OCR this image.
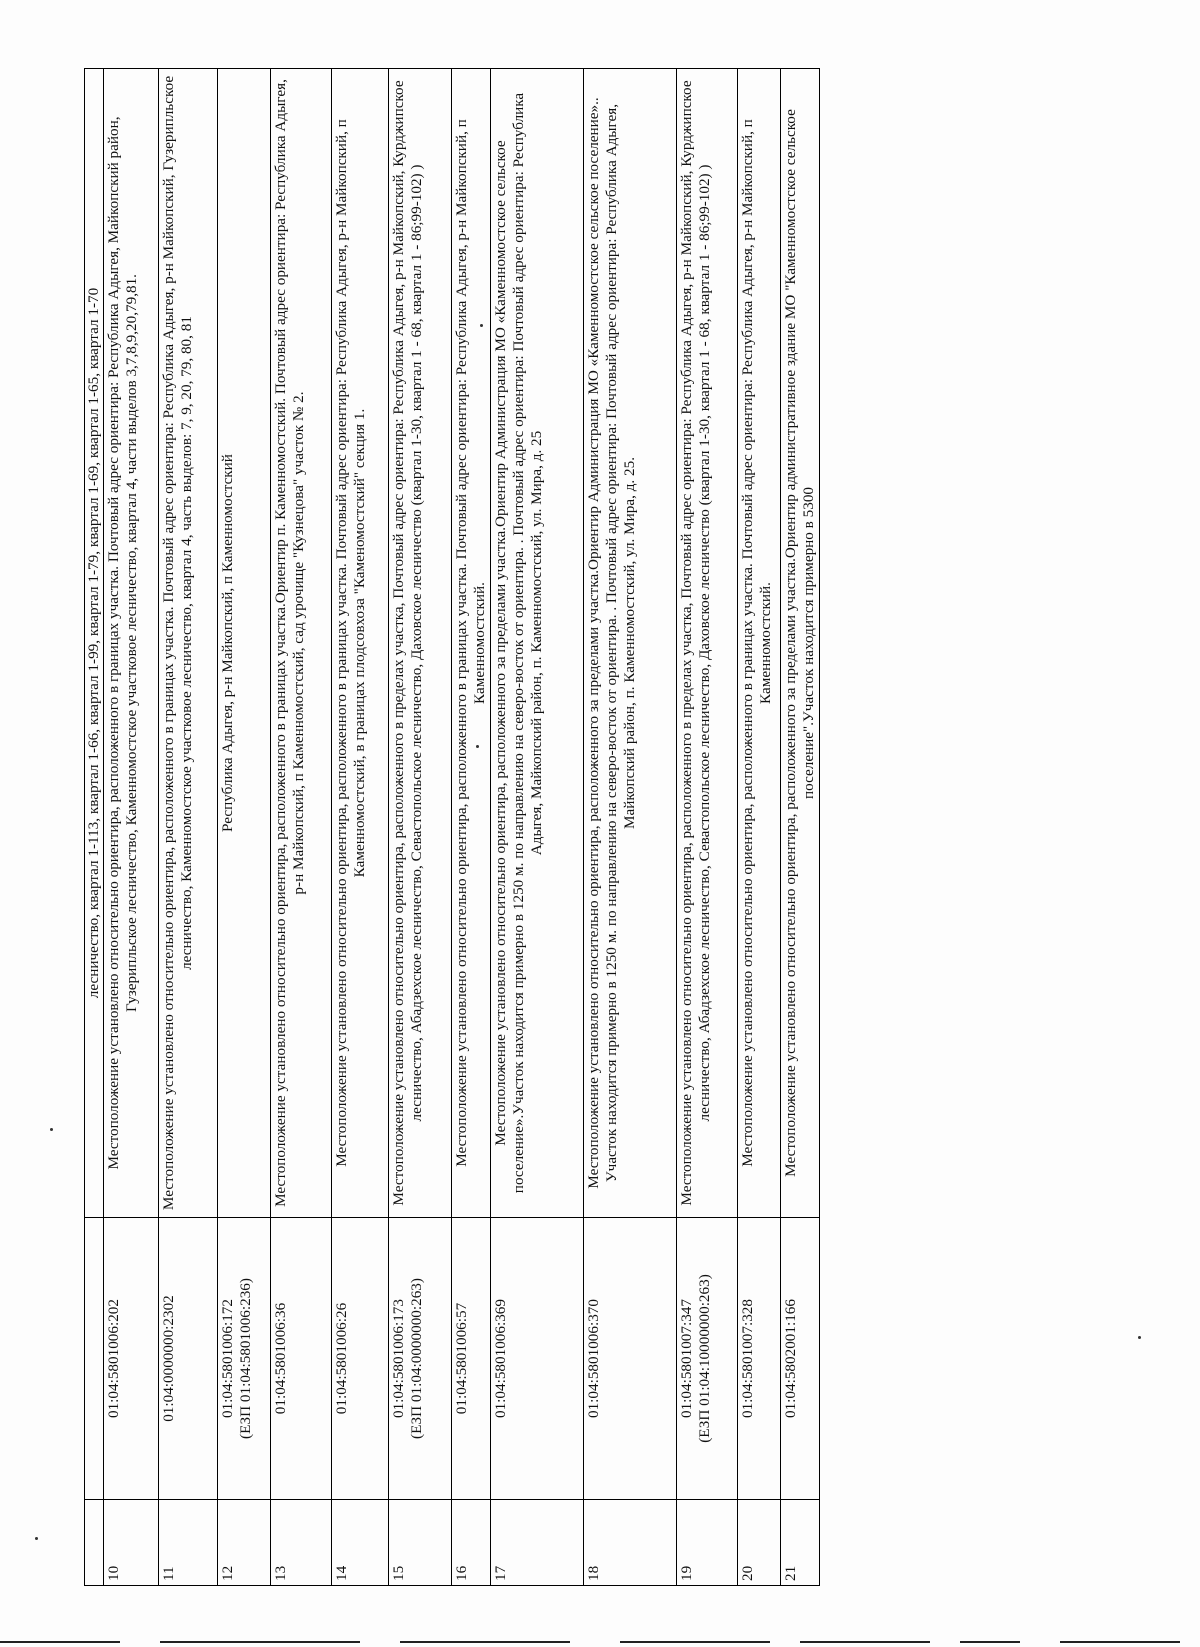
		лесничество, квартал 1-113, квартал 1-66, квартал 1-99, квартал 1-79, квартал 1-69, квартал 1-65, квартал 1-70

10	01:04:5801006:202	Местоположение установлено относительно ориентира, расположенного в границах участка. Почтовый адрес ориентира: Республика Адыгея, Майкопский район, Гузерипльское лесничество, Каменномостское участковое лесничество, квартал 4, части выделов 3,7,8,9,20,79,81.

11	01:04:0000000:2302	Местоположение установлено относительно ориентира, расположенного в границах участка. Почтовый адрес ориентира: Республика Адыгея, р-н Майкопский, Гузерипльское лесничество, Каменномостское участковое лесничество, квартал 4, часть выделов: 7, 9, 20, 79, 80, 81

12	01:04:5801006:172 (ЕЗП 01:04:5801006:236)	Республика Адыгея, р-н Майкопский, п Каменномостский

13	01:04:5801006:36	Местоположение установлено относительно ориентира, расположенного в границах участка.Ориентир п. Каменномостский. Почтовый адрес ориентира: Республика Адыгея, р-н Майкопский, п Каменномостский, сад урочище "Кузнецова" участок № 2.

14	01:04:5801006:26	Местоположение установлено относительно ориентира, расположенного в границах участка. Почтовый адрес ориентира: Республика Адыгея, р-н Майкопский, п Каменномостский, в границах плодсовхоза "Каменомостский" секция 1.

15	01:04:5801006:173 (ЕЗП 01:04:0000000:263)	Местоположение установлено относительно ориентира, расположенного в пределах участка, Почтовый адрес ориентира: Республика Адыгея, р-н Майкопский, Курджипское лесничество, Абадзехское лесничество, Севастопольское лесничество, Даховское лесничество (квартал 1-30, квартал 1 - 68, квартал 1 - 86;99-102) )

16	01:04:5801006:57	Местоположение установлено относительно ориентира, расположенного в границах участка. Почтовый адрес ориентира: Республика Адыгея, р-н Майкопский, п Каменномостский.

17	01:04:5801006:369	Местоположение установлено относительно ориентира, расположенного за пределами участка.Ориентир Администрация МО «Каменномостское сельское поселение».Участок находится примерно в 1250 м. по направлению на северо-восток от ориентира. . Почтовый адрес ориентира: Почтовый адрес ориентира: Республика Адыгея, Майкопский район, п. Каменномостский, ул. Мира, д. 25

18	01:04:5801006:370	Местоположение установлено относительно ориентира, расположенного за пределами участка.Ориентир Администрация МО «Каменномостское сельское поселение».. Участок находится примерно в 1250 м. по направлению на северо-восток от ориентира. . Почтовый адрес ориентира: Почтовый адрес ориентира: Республика Адыгея, Майкопский район, п. Каменномостский, ул. Мира, д. 25.

19	01:04:5801007:347 (ЕЗП 01:04:10000000:263)	Местоположение установлено относительно ориентира, расположенного в пределах участка, Почтовый адрес ориентира: Республика Адыгея, р-н Майкопский, Курджипское лесничество, Абадзехское лесничество, Севастопольское лесничество, Даховское лесничество (квартал 1-30, квартал 1 - 68, квартал 1 - 86;99-102) )

20	01:04:5801007:328	Местоположение установлено относительно ориентира, расположенного в границах участка. Почтовый адрес ориентира: Республика Адыгея, р-н Майкопский, п Каменномостский.

21	01:04:5802001:166	Местоположение установлено относительно ориентира, расположенного за пределами участка.Ориентир административное здание МО "Каменномостское сельское поселение".Участок находится примерно в 5300
